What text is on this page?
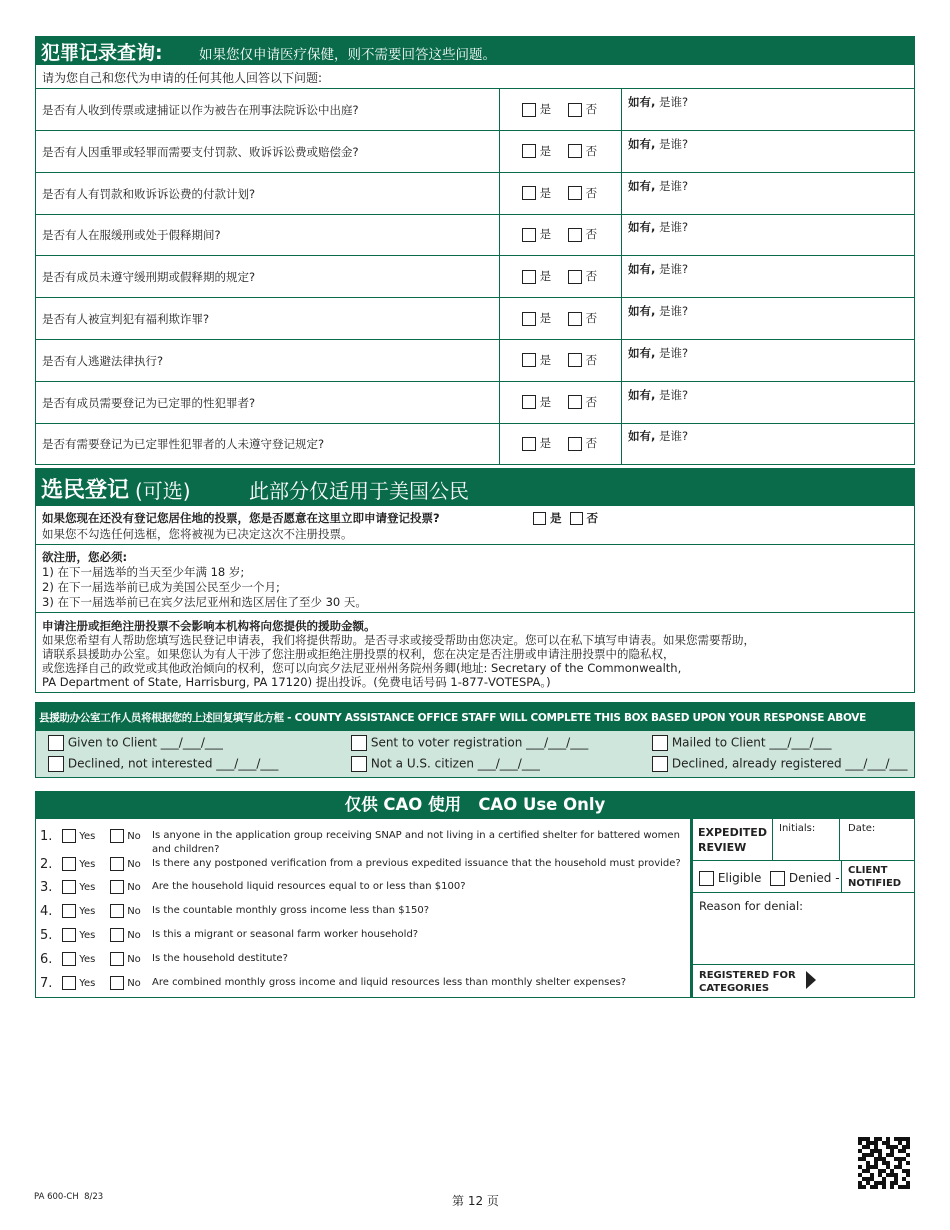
犯罪记录查询:	如果您仅申请医疗保健，则不需要回答这些问题。
请为您自己和您代为申请的任何其他人回答以下问题:
是否有人收到传票或逮捕证以作为被告在刑事法院诉讼中出庭?	是	否	如有, 是谁?
是否有人因重罪或轻罪而需要支付罚款、败诉诉讼费或赔偿金?	是	否	如有, 是谁?
是否有人有罚款和败诉诉讼费的付款计划?	是	否	如有, 是谁?
是否有人在服缓刑或处于假释期间?	是	否	如有, 是谁?
是否有成员未遵守缓刑期或假释期的规定?	是	否	如有, 是谁?
是否有人被宣判犯有福利欺诈罪?	是	否	如有, 是谁?
是否有人逃避法律执行?	是	否	如有, 是谁?
是否有成员需要登记为已定罪的性犯罪者?	是	否	如有, 是谁?
是否有需要登记为已定罪性犯罪者的人未遵守登记规定?	是	否	如有, 是谁?
选民登记 (可选)	此部分仅适用于美国公民
如果您现在还没有登记您居住地的投票，您是否愿意在这里立即申请登记投票?	是 否
如果您不勾选任何选框，您将被视为已决定这次不注册投票。
欲注册，您必须:
1) 在下一届选举的当天至少年满 18 岁;
2) 在下一届选举前已成为美国公民至少一个月;
3) 在下一届选举前已在宾夕法尼亚州和选区居住了至少 30 天。
申请注册或拒绝注册投票不会影响本机构将向您提供的援助金额。
如果您希望有人帮助您填写选民登记申请表，我们将提供帮助。是否寻求或接受帮助由您决定。您可以在私下填写申请表。如果您需要帮助，
请联系县援助办公室。如果您认为有人干涉了您注册或拒绝注册投票的权利，您在决定是否注册或申请注册投票中的隐私权，
或您选择自己的政党或其他政治倾向的权利，您可以向宾夕法尼亚州州务院州务卿(地址: Secretary of the Commonwealth,
PA Department of State, Harrisburg, PA 17120) 提出投诉。(免费电话号码 1-877-VOTESPA。)
县援助办公室工作人员将根据您的上述回复填写此方框 - COUNTY ASSISTANCE OFFICE STAFF WILL COMPLETE THIS BOX BASED UPON YOUR RESPONSE ABOVE
Given to Client ___/___/___	Sent to voter registration ___/___/___	Mailed to Client ___/___/___
Declined, not interested ___/___/___	Not a U.S. citizen ___/___/___	Declined, already registered ___/___/___
仅供 CAO 使用   CAO Use Only
1.	Yes	No Is anyone in the application group receiving SNAP and not living in a certified shelter for battered women and children?
2.	Yes	No Is there any postponed verification from a previous expedited issuance that the household must provide?
3.	Yes	No Are the household liquid resources equal to or less than $100?
4.	Yes	No Is the countable monthly gross income less than $150?
5.	Yes	No Is this a migrant or seasonal farm worker household?
6.	Yes	No Is the household destitute?
7.	Yes	No Are combined monthly gross income and liquid resources less than monthly shelter expenses?
EXPEDITED REVIEW
Initials:	Date:
Eligible	Denied -
CLIENT NOTIFIED
Reason for denial:
REGISTERED FOR CATEGORIES
PA 600-CH  8/23	第 12 页
